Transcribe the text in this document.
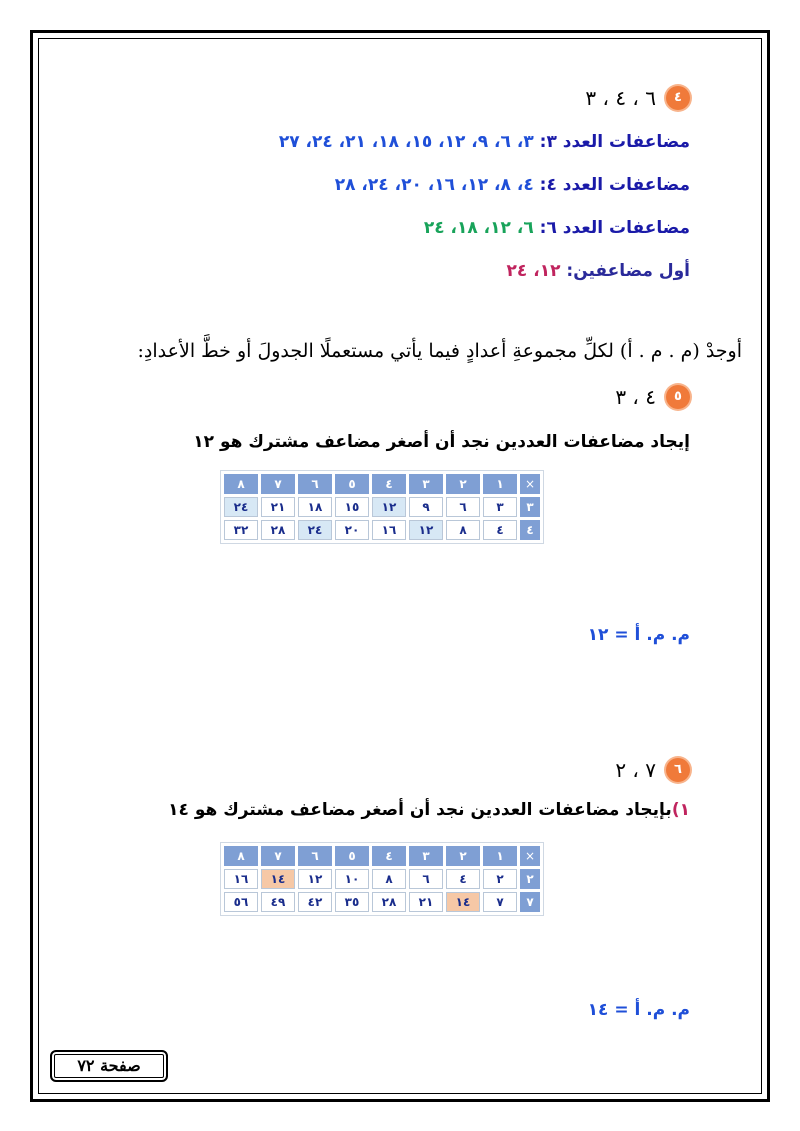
٤٦ ، ٤ ، ٣
مضاعفات العدد ٣: ٣، ٦، ٩، ١٢، ١٥، ١٨، ٢١، ٢٤، ٢٧
مضاعفات العدد ٤: ٤، ٨، ١٢، ١٦، ٢٠، ٢٤، ٢٨
مضاعفات العدد ٦: ٦، ١٢، ١٨، ٢٤
أول مضاعفين: ١٢، ٢٤
أوجدْ (م . م . أ) لكلِّ مجموعةِ أعدادٍ فيما يأتي مستعملًا الجدولَ أو خطَّ الأعدادِ:
٥٤ ، ٣
إيجاد مضاعفات العددين نجد أن أصغر مضاعف مشترك هو ١٢
×	١	٢	٣	٤	٥	٦	٧	٨
٣	٣	٦	٩	١٢	١٥	١٨	٢١	٢٤
٤	٤	٨	١٢	١٦	٢٠	٢٤	٢٨	٣٢
م. م. أ = ١٢
٦٧ ، ٢
١)بإيجاد مضاعفات العددين نجد أن أصغر مضاعف مشترك هو ١٤
×	١	٢	٣	٤	٥	٦	٧	٨
٢	٢	٤	٦	٨	١٠	١٢	١٤	١٦
٧	٧	١٤	٢١	٢٨	٣٥	٤٢	٤٩	٥٦
م. م. أ = ١٤
صفحة ٧٢
